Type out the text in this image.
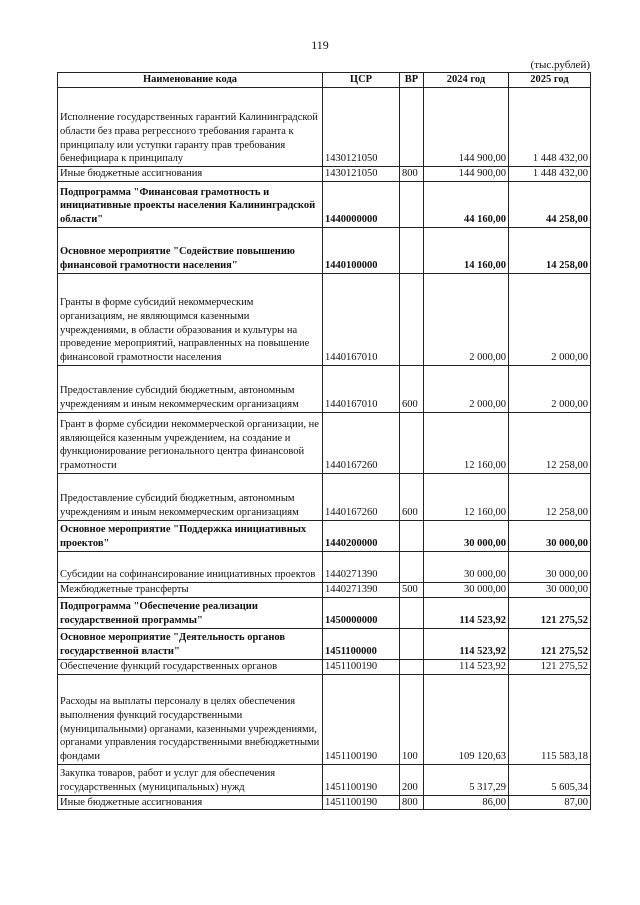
119
(тыс.рублей)
Наименование кода	ЦСР	ВР	2024 год	2025 год
Исполнение государственных гарантий Калининградской области без права регрессного требования гаранта к принципалу или уступки гаранту прав требования бенефициара к принципалу	1430121050		144 900,00	1 448 432,00
Иные бюджетные ассигнования	1430121050	800	144 900,00	1 448 432,00
Подпрограмма "Финансовая грамотность и инициативные проекты населения Калининградской области"	1440000000		44 160,00	44 258,00
Основное мероприятие "Содействие повышению финансовой грамотности населения"	1440100000		14 160,00	14 258,00
Гранты в форме субсидий некоммерческим организациям, не являющимся казенными учреждениями, в области образования и культуры на проведение мероприятий, направленных на повышение финансовой грамотности населения	1440167010		2 000,00	2 000,00
Предоставление субсидий бюджетным, автономным учреждениям и иным некоммерческим организациям	1440167010	600	2 000,00	2 000,00
Грант в форме субсидии некоммерческой организации, не являющейся казенным учреждением, на создание и функционирование регионального центра финансовой грамотности	1440167260		12 160,00	12 258,00
Предоставление субсидий бюджетным, автономным учреждениям и иным некоммерческим организациям	1440167260	600	12 160,00	12 258,00
Основное мероприятие "Поддержка инициативных проектов"	1440200000		30 000,00	30 000,00
Субсидии на софинансирование инициативных проектов	1440271390		30 000,00	30 000,00
Межбюджетные трансферты	1440271390	500	30 000,00	30 000,00
Подпрограмма "Обеспечение реализации государственной программы"	1450000000		114 523,92	121 275,52
Основное мероприятие "Деятельность органов государственной власти"	1451100000		114 523,92	121 275,52
Обеспечение функций государственных органов	1451100190		114 523,92	121 275,52
Расходы на выплаты персоналу в целях обеспечения выполнения функций государственными (муниципальными) органами, казенными учреждениями, органами управления государственными внебюджетными фондами	1451100190	100	109 120,63	115 583,18
Закупка товаров, работ и услуг для обеспечения государственных (муниципальных) нужд	1451100190	200	5 317,29	5 605,34
Иные бюджетные ассигнования	1451100190	800	86,00	87,00
